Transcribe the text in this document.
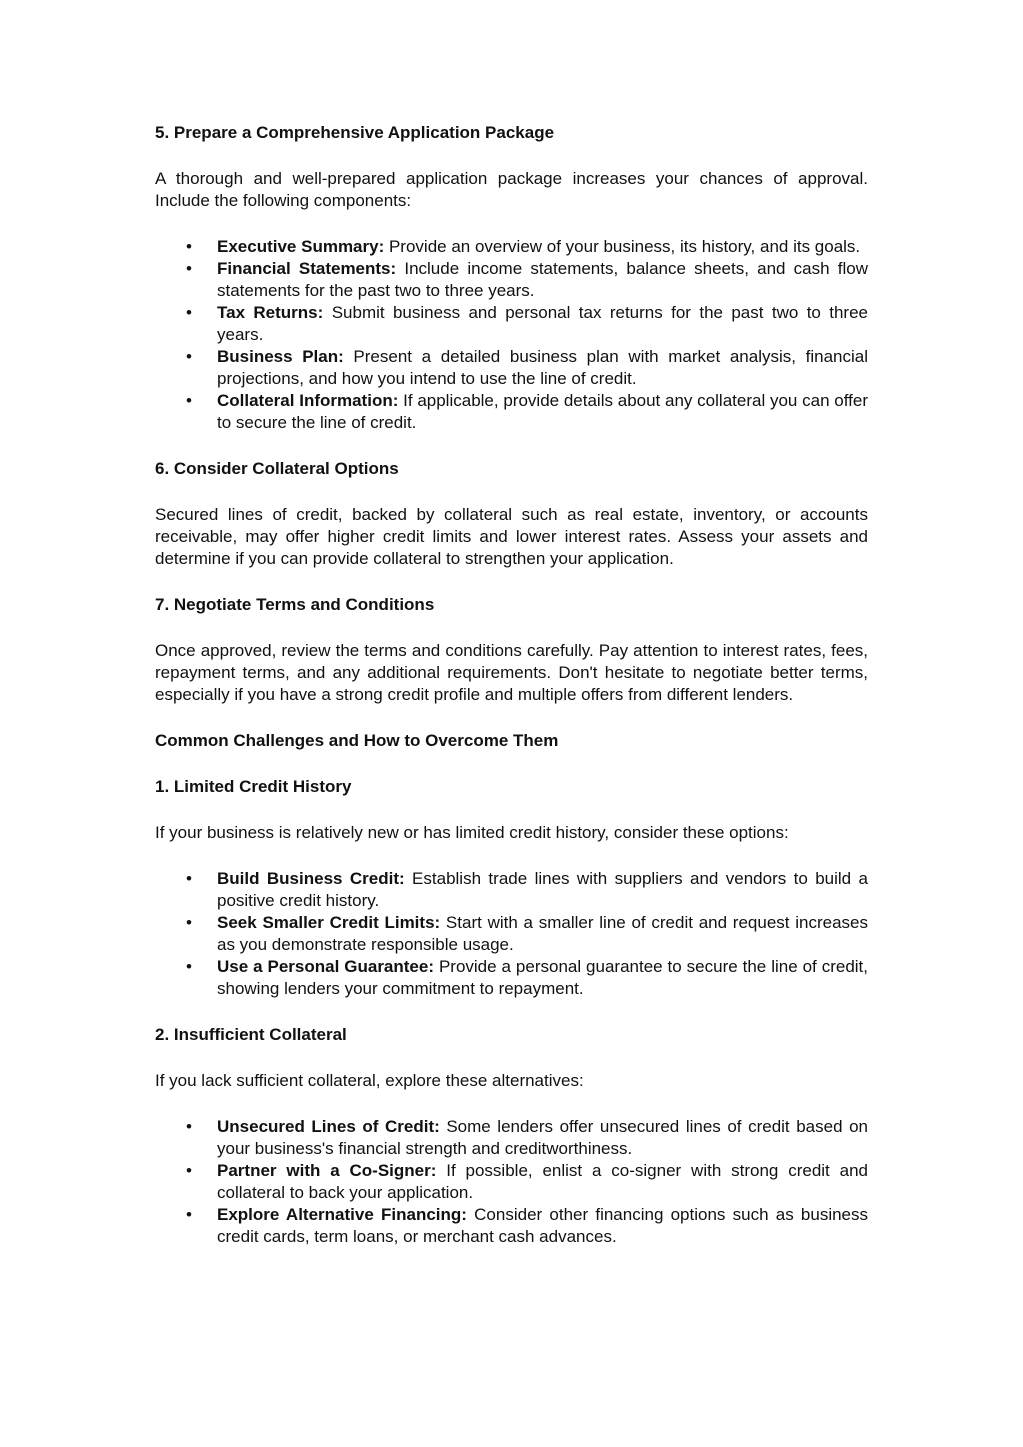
5. Prepare a Comprehensive Application Package

A thorough and well-prepared application package increases your chances of approval. Include the following components:

• Executive Summary: Provide an overview of your business, its history, and its goals.
• Financial Statements: Include income statements, balance sheets, and cash flow statements for the past two to three years.
• Tax Returns: Submit business and personal tax returns for the past two to three years.
• Business Plan: Present a detailed business plan with market analysis, financial projections, and how you intend to use the line of credit.
• Collateral Information: If applicable, provide details about any collateral you can offer to secure the line of credit.
6. Consider Collateral Options

Secured lines of credit, backed by collateral such as real estate, inventory, or accounts receivable, may offer higher credit limits and lower interest rates. Assess your assets and determine if you can provide collateral to strengthen your application.

7. Negotiate Terms and Conditions

Once approved, review the terms and conditions carefully. Pay attention to interest rates, fees, repayment terms, and any additional requirements. Don't hesitate to negotiate better terms, especially if you have a strong credit profile and multiple offers from different lenders.

Common Challenges and How to Overcome Them
1. Limited Credit History

If your business is relatively new or has limited credit history, consider these options:

• Build Business Credit: Establish trade lines with suppliers and vendors to build a positive credit history.
• Seek Smaller Credit Limits: Start with a smaller line of credit and request increases as you demonstrate responsible usage.
• Use a Personal Guarantee: Provide a personal guarantee to secure the line of credit, showing lenders your commitment to repayment.
2. Insufficient Collateral

If you lack sufficient collateral, explore these alternatives:

• Unsecured Lines of Credit: Some lenders offer unsecured lines of credit based on your business's financial strength and creditworthiness.
• Partner with a Co-Signer: If possible, enlist a co-signer with strong credit and collateral to back your application.
• Explore Alternative Financing: Consider other financing options such as business credit cards, term loans, or merchant cash advances.
